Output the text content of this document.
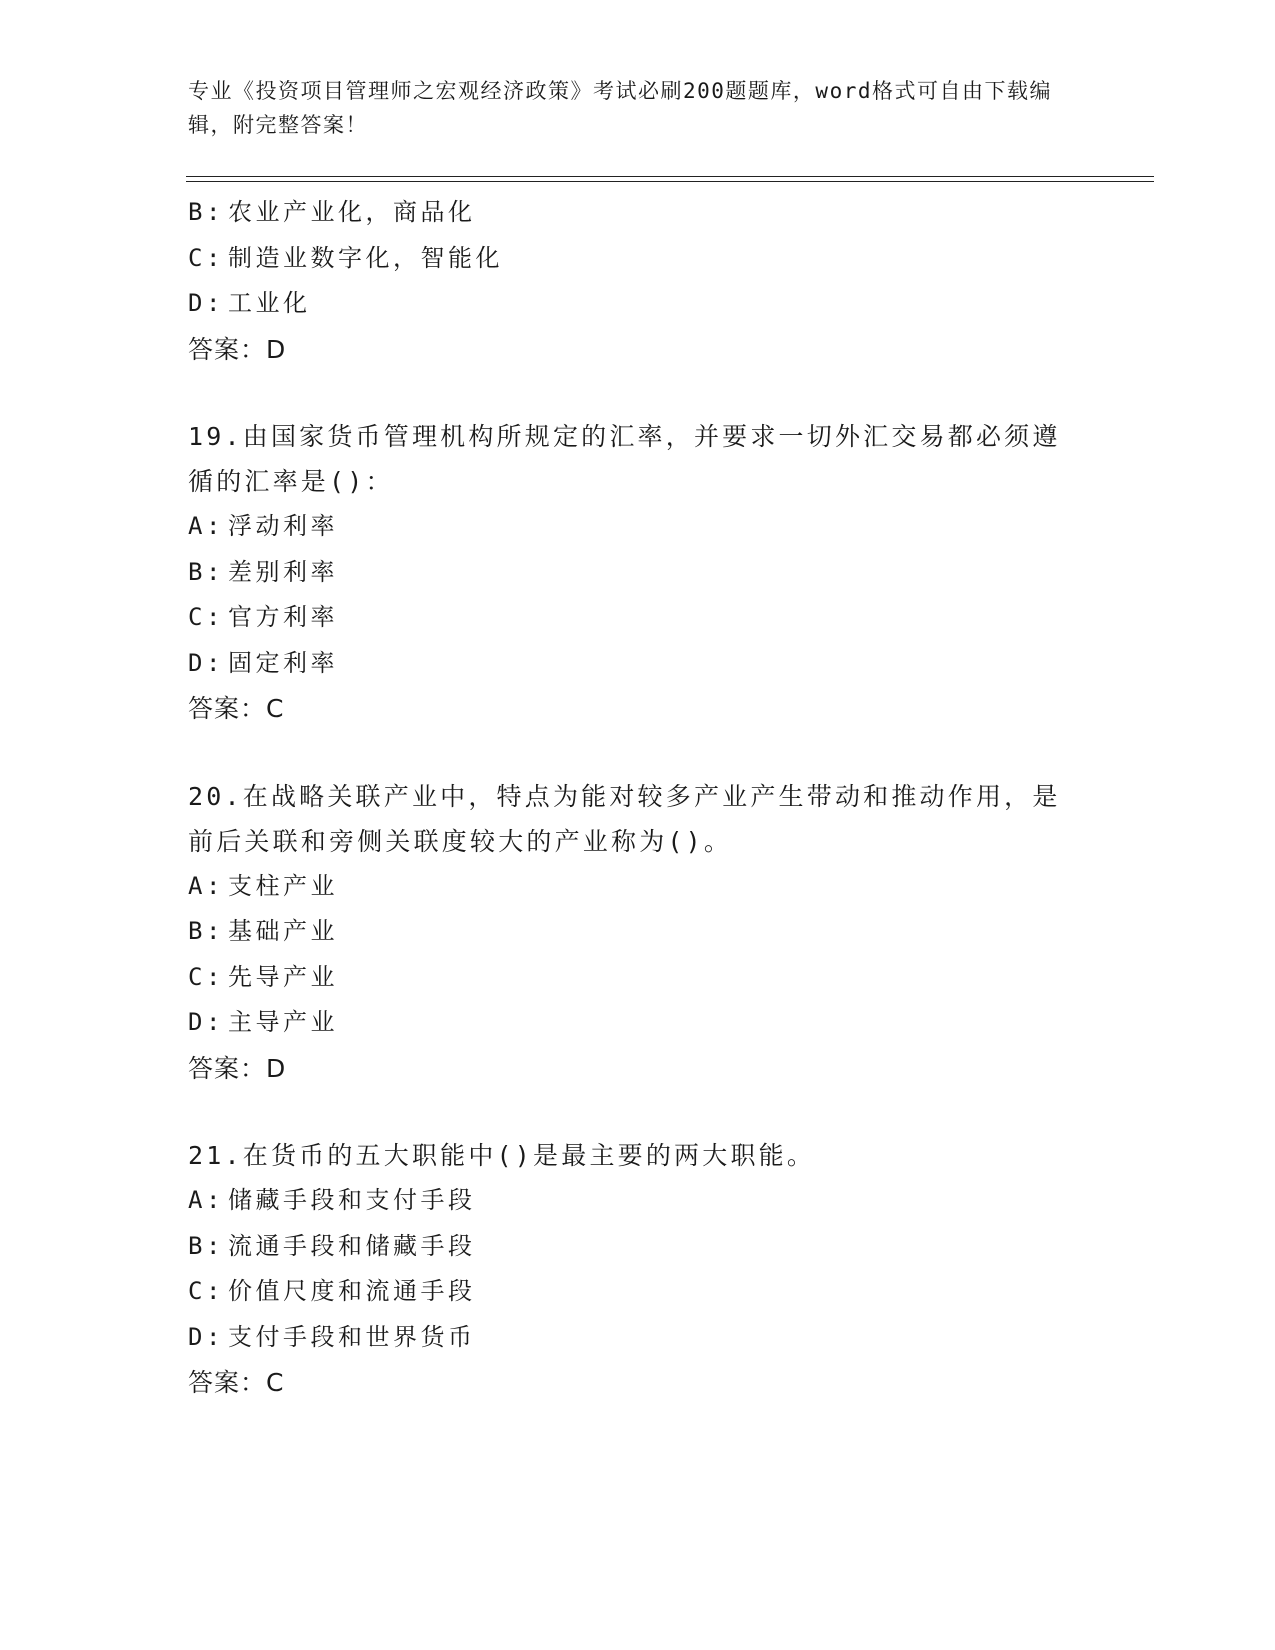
专业《投资项目管理师之宏观经济政策》考试必刷200题题库，word格式可自由下载编辑，附完整答案！
B: 农业产业化，商品化
C: 制造业数字化，智能化
D: 工业化
答案：D
19.由国家货币管理机构所规定的汇率，并要求一切外汇交易都必须遵循的汇率是()：
A: 浮动利率
B: 差别利率
C: 官方利率
D: 固定利率
答案：C
20.在战略关联产业中，特点为能对较多产业产生带动和推动作用，是前后关联和旁侧关联度较大的产业称为()。
A: 支柱产业
B: 基础产业
C: 先导产业
D: 主导产业
答案：D
21.在货币的五大职能中()是最主要的两大职能。
A: 储藏手段和支付手段
B: 流通手段和储藏手段
C: 价值尺度和流通手段
D: 支付手段和世界货币
答案：C
